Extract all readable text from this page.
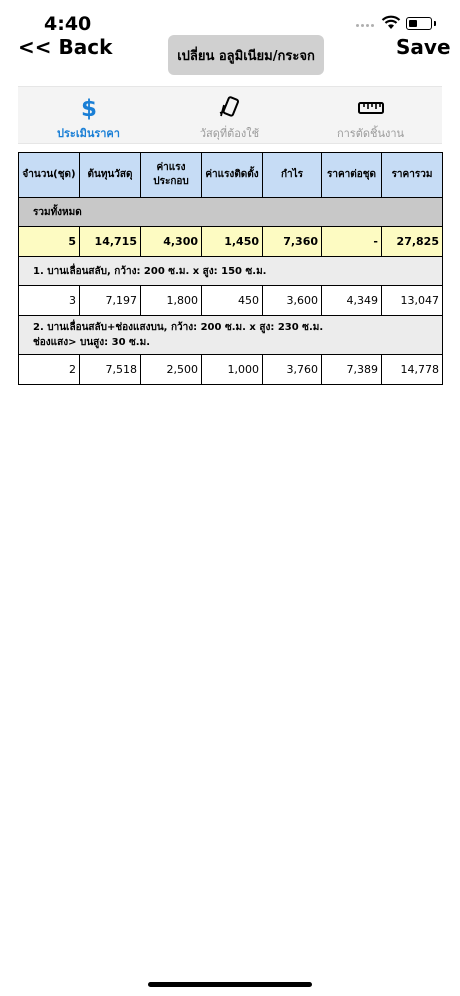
4:40
<< Back	เปลี่ยน อลูมิเนียม/กระจก	Save
$
ประเมินราคา	วัสดุที่ต้องใช้	การตัดชิ้นงาน
จำนวน(ชุด)	ต้นทุนวัสดุ	ค่าแรง
ประกอบ	ค่าแรงติดตั้ง	กำไร	ราคาต่อชุด	ราคารวม
รวมทั้งหมด						
5	14,715	4,300	1,450	7,360	-	27,825
1. บานเลื่อนสลับ, กว้าง: 200 ซ.ม. x สูง: 150 ซ.ม.						
3	7,197	1,800	450	3,600	4,349	13,047
2. บานเลื่อนสลับ+ช่องแสงบน, กว้าง: 200 ซ.ม. x สูง: 230 ซ.ม.
ช่องแสง> บนสูง: 30 ซ.ม.						
2	7,518	2,500	1,000	3,760	7,389	14,778
